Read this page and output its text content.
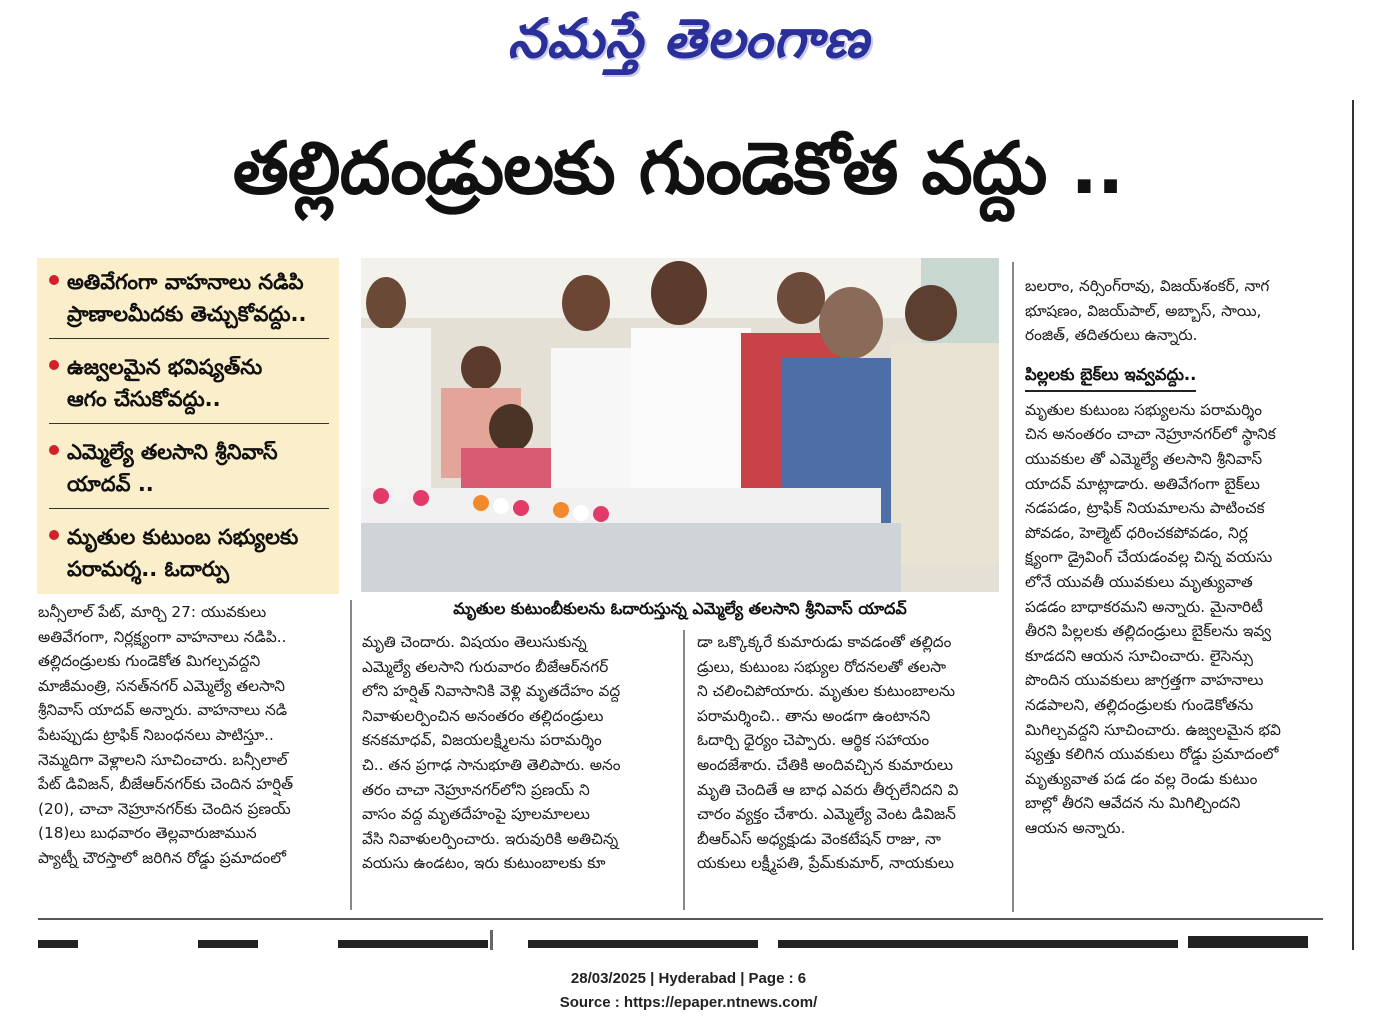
నమస్తే తెలంగాణ
తల్లిదండ్రులకు గుండెకోత వద్దు ..
అతివేగంగా వాహనాలు నడిపి
ప్రాణాలమీదకు తెచ్చుకోవద్దు..
ఉజ్వలమైన భవిష్యత్‌ను
ఆగం చేసుకోవద్దు..
ఎమ్మెల్యే తలసాని శ్రీనివాస్
యాదవ్ ..
మృతుల కుటుంబ సభ్యులకు
పరామర్శ.. ఓదార్పు
మృతుల కుటుంబీకులను ఓదారుస్తున్న ఎమ్మెల్యే తలసాని శ్రీనివాస్ యాదవ్
బన్సీలాల్ పేట్, మార్చి 27: యువకులు
అతివేగంగా, నిర్లక్ష్యంగా వాహనాలు నడిపి..
తల్లిదండ్రులకు గుండెకోత మిగల్చవద్దని
మాజీమంత్రి, సనత్‌నగర్ ఎమ్మెల్యే తలసాని
శ్రీనివాస్ యాదవ్ అన్నారు. వాహనాలు నడి
పేటప్పుడు ట్రాఫిక్ నిబంధనలు పాటిస్తూ..
నెమ్మదిగా వెళ్లాలని సూచించారు. బన్సీలాల్
పేట్ డివిజన్, బీజేఆర్‌నగర్‌కు చెందిన హర్షిత్
(20), చాచా నెహ్రూనగర్‌కు చెందిన ప్రణయ్
(18)లు బుధవారం తెల్లవారుజామున
ప్యాట్నీ చౌరస్తాలో జరిగిన రోడ్డు ప్రమాదంలో
మృతి చెందారు. విషయం తెలుసుకున్న
ఎమ్మెల్యే తలసాని గురువారం బీజేఆర్‌నగర్
లోని హర్షిత్ నివాసానికి వెళ్లి మృతదేహం వద్ద
నివాళులర్పించిన అనంతరం తల్లిదండ్రులు
కనకమాధవ్, విజయలక్ష్మిలను పరామర్శిం
చి.. తన ప్రగాఢ సానుభూతి తెలిపారు. అనం
తరం చాచా నెహ్రూనగర్‌లోని ప్రణయ్ ని
వాసం వద్ద మృతదేహంపై పూలమాలలు
వేసి నివాళులర్పించారు. ఇరువురికి అతిచిన్న
వయసు ఉండటం, ఇరు కుటుంబాలకు కూ
డా ఒక్కొక్కరే కుమారుడు కావడంతో తల్లిదం
డ్రులు, కుటుంబ సభ్యుల రోదనలతో తలసా
ని చలించిపోయారు. మృతుల కుటుంబాలను
పరామర్శించి.. తాను అండగా ఉంటానని
ఓదార్చి ధైర్యం చెప్పారు. ఆర్థిక సహాయం
అందజేశారు. చేతికి అందివచ్చిన కుమారులు
మృతి చెందితే ఆ బాధ ఎవరు తీర్చలేనిదని వి
చారం వ్యక్తం చేశారు. ఎమ్మెల్యే వెంట డివిజన్
బీఆర్‌ఎస్ అధ్యక్షుడు వెంకటేషన్ రాజు, నా
యకులు లక్ష్మీపతి, ప్రేమ్‌కుమార్, నాయకులు
బలరాం, నర్సింగ్‌రావు, విజయ్‌శంకర్, నాగ
భూషణం, విజయ్‌పాల్, అబ్బాస్, సాయి,
రంజిత్, తదితరులు ఉన్నారు.
పిల్లలకు బైక్‌లు ఇవ్వవద్దు..
మృతుల కుటుంబ సభ్యులను పరామర్శిం
చిన అనంతరం చాచా నెహ్రూనగర్‌లో స్థానిక
యువకుల తో ఎమ్మెల్యే తలసాని శ్రీనివాస్
యాదవ్ మాట్లాడారు. అతివేగంగా బైక్‌లు
నడపడం, ట్రాఫిక్ నియమాలను పాటించక
పోవడం, హెల్మెట్ ధరించకపోవడం, నిర్ల
క్ష్యంగా డ్రైవింగ్ చేయడంవల్ల చిన్న వయసు
లోనే యువతీ యువకులు మృత్యువాత
పడడం బాధాకరమని అన్నారు. మైనారిటీ
తీరని పిల్లలకు తల్లిదండ్రులు బైక్‌లను ఇవ్వ
కూడదని ఆయన సూచించారు. లైసెన్సు
పొందిన యువకులు జాగ్రత్తగా వాహనాలు
నడపాలని, తల్లిదండ్రులకు గుండెకోతను
మిగిల్చవద్దని సూచించారు. ఉజ్వలమైన భవి
ష్యత్తు కలిగిన యువకులు రోడ్డు ప్రమాదంలో
మృత్యువాత పడ డం వల్ల రెండు కుటుం
బాల్లో తీరని ఆవేదన ను మిగిల్చిందని
ఆయన అన్నారు.
28/03/2025 | Hyderabad | Page : 6
Source : https://epaper.ntnews.com/
